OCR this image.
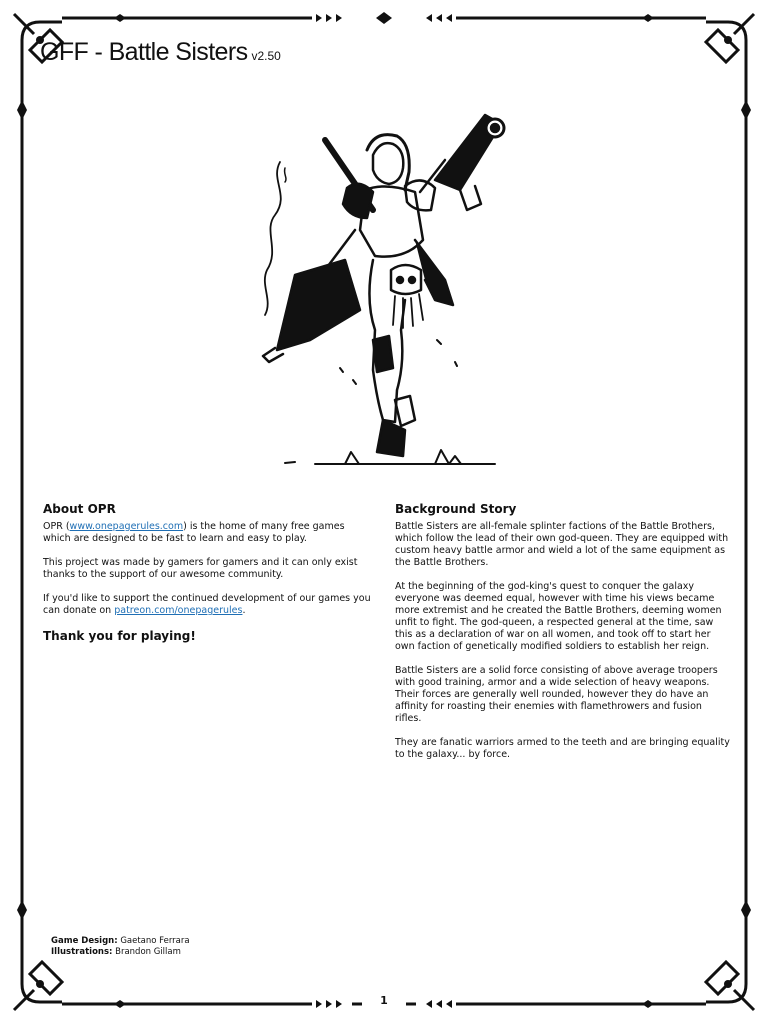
GFF - Battle Sisters v2.50
About OPR

OPR (www.onepagerules.com) is the home of many free games which are designed to be fast to learn and easy to play.

This project was made by gamers for gamers and it can only exist thanks to the support of our awesome community.

If you'd like to support the continued development of our games you can donate on patreon.com/onepagerules.

Thank you for playing!
Background Story

Battle Sisters are all-female splinter factions of the Battle Brothers, which follow the lead of their own god-queen. They are equipped with custom heavy battle armor and wield a lot of the same equipment as the Battle Brothers.

At the beginning of the god-king's quest to conquer the galaxy everyone was deemed equal, however with time his views became more extremist and he created the Battle Brothers, deeming women unfit to fight. The god-queen, a respected general at the time, saw this as a declaration of war on all women, and took off to start her own faction of genetically modified soldiers to establish her reign.

Battle Sisters are a solid force consisting of above average troopers with good training, armor and a wide selection of heavy weapons. Their forces are generally well rounded, however they do have an affinity for roasting their enemies with flamethrowers and fusion rifles.

They are fanatic warriors armed to the teeth and are bringing equality to the galaxy... by force.

Game Design: Gaetano Ferrara
Illustrations: Brandon Gillam
1
